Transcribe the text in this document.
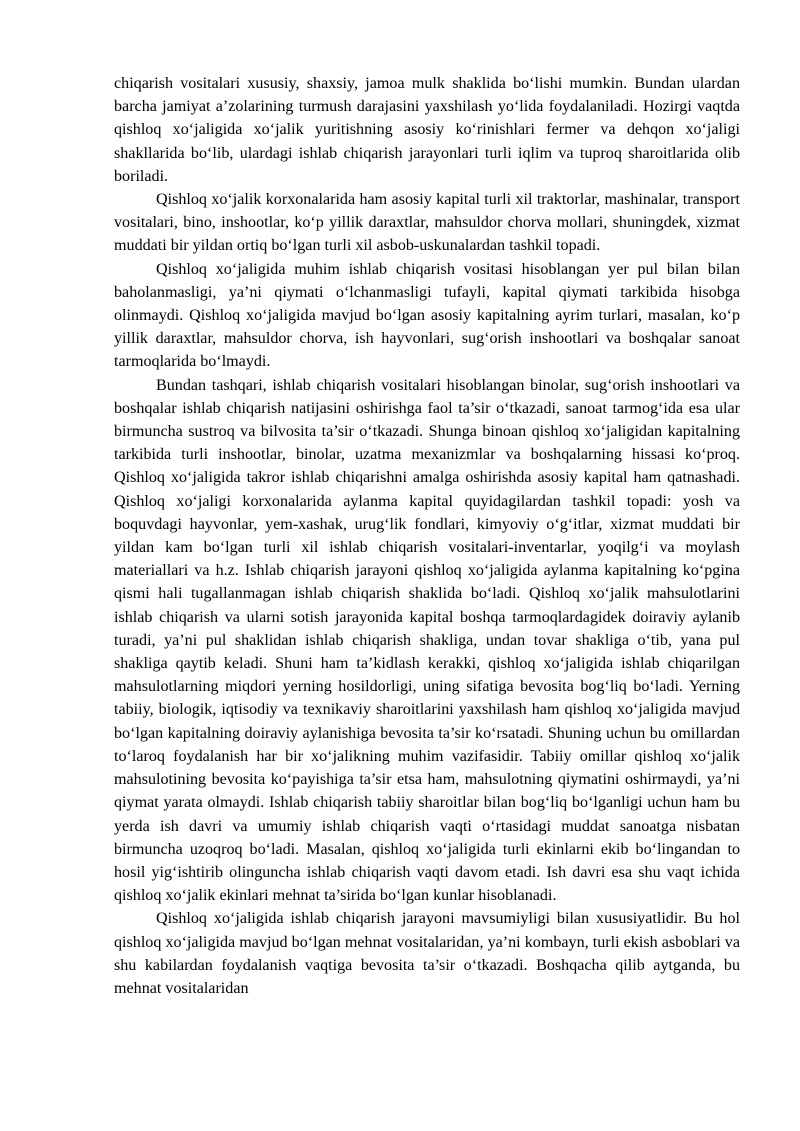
chiqarish vositalari xususiy, shaxsiy, jamoa mulk shaklida bo‘lishi mumkin. Bundan ulardan barcha jamiyat a’zolarining turmush darajasini yaxshilash yo‘lida foydalaniladi. Hozirgi vaqtda qishloq xo‘jaligida xo‘jalik yuritishning asosiy ko‘rinishlari fermer va dehqon xo‘jaligi shakllarida bo‘lib, ulardagi ishlab chiqarish jarayonlari turli iqlim va tuproq sharoitlarida olib boriladi.

Qishloq xo‘jalik korxonalarida ham asosiy kapital turli xil traktorlar, mashinalar, transport vositalari, bino, inshootlar, ko‘p yillik daraxtlar, mahsuldor chorva mollari, shuningdek, xizmat muddati bir yildan ortiq bo‘lgan turli xil asbob-uskunalardan tashkil topadi.

Qishloq xo‘jaligida muhim ishlab chiqarish vositasi hisoblangan yer pul bilan bilan baholanmasligi, ya’ni qiymati o‘lchanmasligi tufayli, kapital qiymati tarkibida hisobga olinmaydi. Qishloq xo‘jaligida mavjud bo‘lgan asosiy kapitalning ayrim turlari, masalan, ko‘p yillik daraxtlar, mahsuldor chorva, ish hayvonlari, sug‘orish inshootlari va boshqalar sanoat tarmoqlarida bo‘lmaydi.

Bundan tashqari, ishlab chiqarish vositalari hisoblangan binolar, sug‘orish inshootlari va boshqalar ishlab chiqarish natijasini oshirishga faol ta’sir o‘tkazadi, sanoat tarmog‘ida esa ular birmuncha sustroq va bilvosita ta’sir o‘tkazadi. Shunga binoan qishloq xo‘jaligidan kapitalning tarkibida turli inshootlar, binolar, uzatma mexanizmlar va boshqalarning hissasi ko‘proq. Qishloq xo‘jaligida takror ishlab chiqarishni amalga oshirishda asosiy kapital ham qatnashadi. Qishloq xo‘jaligi korxonalarida aylanma kapital quyidagilardan tashkil topadi: yosh va boquvdagi hayvonlar, yem-xashak, urug‘lik fondlari, kimyoviy o‘g‘itlar, xizmat muddati bir yildan kam bo‘lgan turli xil ishlab chiqarish vositalari-inventarlar, yoqilg‘i va moylash materiallari va h.z. Ishlab chiqarish jarayoni qishloq xo‘jaligida aylanma kapitalning ko‘pgina qismi hali tugallanmagan ishlab chiqarish shaklida bo‘ladi. Qishloq xo‘jalik mahsulotlarini ishlab chiqarish va ularni sotish jarayonida kapital boshqa tarmoqlardagidek doiraviy aylanib turadi, ya’ni pul shaklidan ishlab chiqarish shakliga, undan tovar shakliga o‘tib, yana pul shakliga qaytib keladi. Shuni ham ta’kidlash kerakki, qishloq xo‘jaligida ishlab chiqarilgan mahsulotlarning miqdori yerning hosildorligi, uning sifatiga bevosita bog‘liq bo‘ladi. Yerning tabiiy, biologik, iqtisodiy va texnikaviy sharoitlarini yaxshilash ham qishloq xo‘jaligida mavjud bo‘lgan kapitalning doiraviy aylanishiga bevosita ta’sir ko‘rsatadi. Shuning uchun bu omillardan to‘laroq foydalanish har bir xo‘jalikning muhim vazifasidir. Tabiiy omillar qishloq xo‘jalik mahsulotining bevosita ko‘payishiga ta’sir etsa ham, mahsulotning qiymatini oshirmaydi, ya’ni qiymat yarata olmaydi. Ishlab chiqarish tabiiy sharoitlar bilan bog‘liq bo‘lganligi uchun ham bu yerda ish davri va umumiy ishlab chiqarish vaqti o‘rtasidagi muddat sanoatga nisbatan birmuncha uzoqroq bo‘ladi. Masalan, qishloq xo‘jaligida turli ekinlarni ekib bo‘lingandan to hosil yig‘ishtirib olinguncha ishlab chiqarish vaqti davom etadi. Ish davri esa shu vaqt ichida qishloq xo‘jalik ekinlari mehnat ta’sirida bo‘lgan kunlar hisoblanadi.

Qishloq xo‘jaligida ishlab chiqarish jarayoni mavsumiyligi bilan xususiyatlidir. Bu hol qishloq xo‘jaligida mavjud bo‘lgan mehnat vositalaridan, ya’ni kombayn, turli ekish asboblari va shu kabilardan foydalanish vaqtiga bevosita ta’sir o‘tkazadi. Boshqacha qilib aytganda, bu mehnat vositalaridan
